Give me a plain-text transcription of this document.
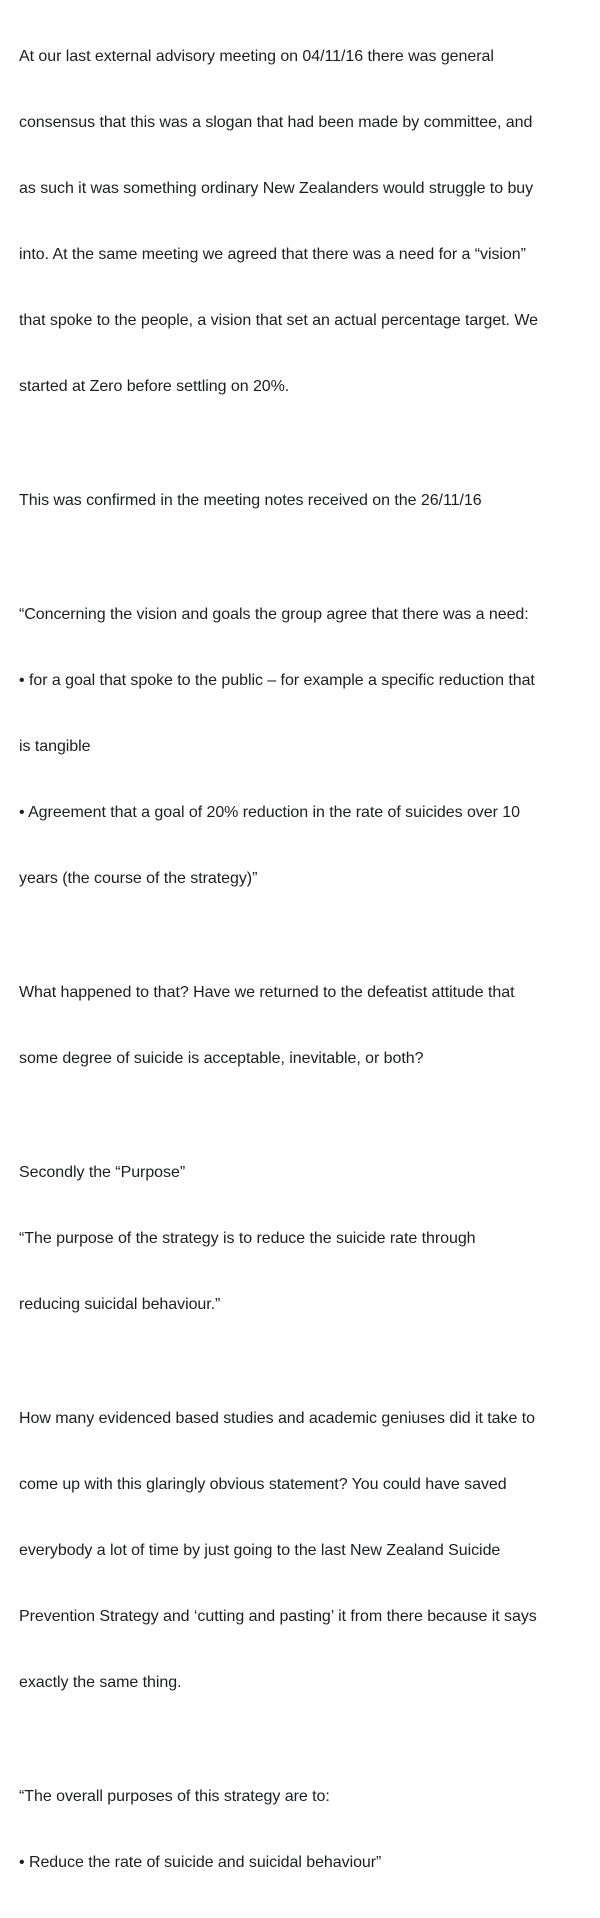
At our last external advisory meeting on 04/11/16 there was general

consensus that this was a slogan that had been made by committee, and

as such it was something ordinary New Zealanders would struggle to buy

into. At the same meeting we agreed that there was a need for a “vision”

that spoke to the people, a vision that set an actual percentage target. We

started at Zero before settling on 20%.

This was confirmed in the meeting notes received on the 26/11/16

“Concerning the vision and goals the group agree that there was a need:

• for a goal that spoke to the public – for example a specific reduction that

is tangible

• Agreement that a goal of 20% reduction in the rate of suicides over 10

years (the course of the strategy)”

What happened to that? Have we returned to the defeatist attitude that

some degree of suicide is acceptable, inevitable, or both?

Secondly the “Purpose”

“The purpose of the strategy is to reduce the suicide rate through

reducing suicidal behaviour.”

How many evidenced based studies and academic geniuses did it take to

come up with this glaringly obvious statement? You could have saved

everybody a lot of time by just going to the last New Zealand Suicide

Prevention Strategy and ‘cutting and pasting’ it from there because it says

exactly the same thing.

“The overall purposes of this strategy are to:

• Reduce the rate of suicide and suicidal behaviour”
